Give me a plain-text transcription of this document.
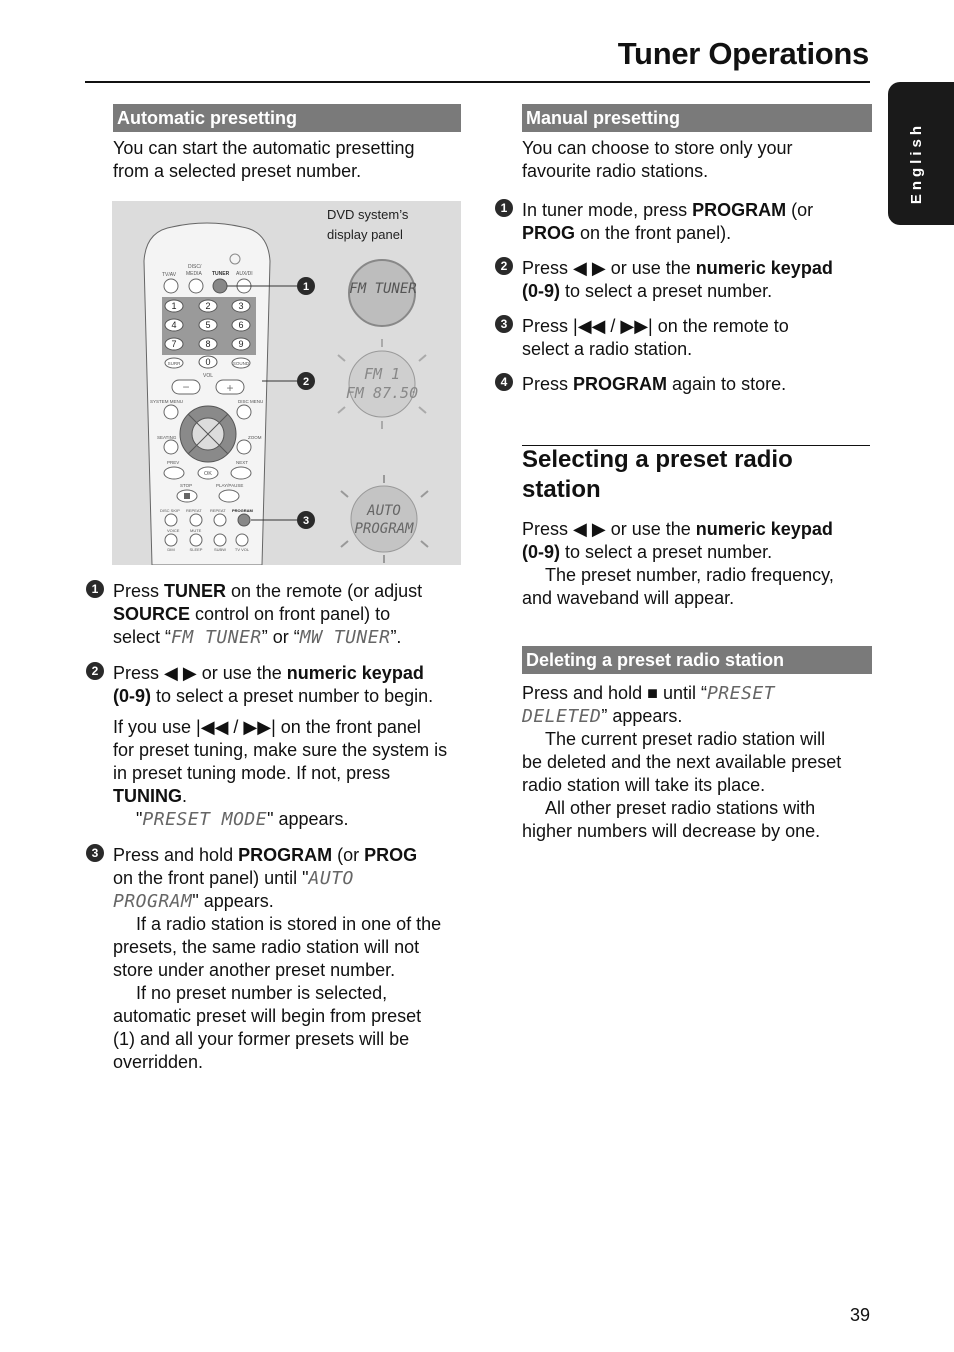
Tuner Operations
English
Automatic presetting
You can start the automatic presetting
from a selected preset number.
TV/AV
DISC/
MEDIA TUNER AUX/DI
1	2	3
4	5	6
7	8	9
0
SURR	SOUND
VOL
−	+
SYSTEM MENU	DISC MENU
SEATING	ZOOM
PREV	NEXT
OK
STOP	PLAY/PAUSE
DISC SKIP REPEAT REPEAT PROGRAM
VOICE	MUTE
DIM	SLEEP	SUBW TV VOL
1
2
3
DVD system’s
display panel
FM TUNER
FM 1
FM 87.50
AUTO
PROGRAM
1 Press TUNER on the remote (or adjust
SOURCE control on front panel) to
select “FM TUNER” or “MW TUNER”.
2 Press ◀ ▶ or use the numeric keypad
(0-9) to select a preset number to begin.
If you use |◀◀ / ▶▶| on the front panel
for preset tuning, make sure the system is
in preset tuning mode. If not, press
TUNING.
"PRESET MODE" appears.
3 Press and hold PROGRAM (or PROG
on the front panel) until "AUTO
PROGRAM" appears.
If a radio station is stored in one of the
presets, the same radio station will not
store under another preset number.
If no preset number is selected,
automatic preset will begin from preset
(1) and all your former presets will be
overridden.
Manual presetting
You can choose to store only your
favourite radio stations.
1 In tuner mode, press PROGRAM (or
PROG on the front panel).
2 Press ◀ ▶ or use the numeric keypad
(0-9) to select a preset number.
3 Press |◀◀ / ▶▶| on the remote to
select a radio station.
4 Press PROGRAM again to store.
Selecting a preset radio
station
Press ◀ ▶ or use the numeric keypad
(0-9) to select a preset number.
The preset number, radio frequency,
and waveband will appear.
Deleting a preset radio station
Press and hold ■ until “PRESET
DELETED” appears.
The current preset radio station will
be deleted and the next available preset
radio station will take its place.
All other preset radio stations with
higher numbers will decrease by one.
39
